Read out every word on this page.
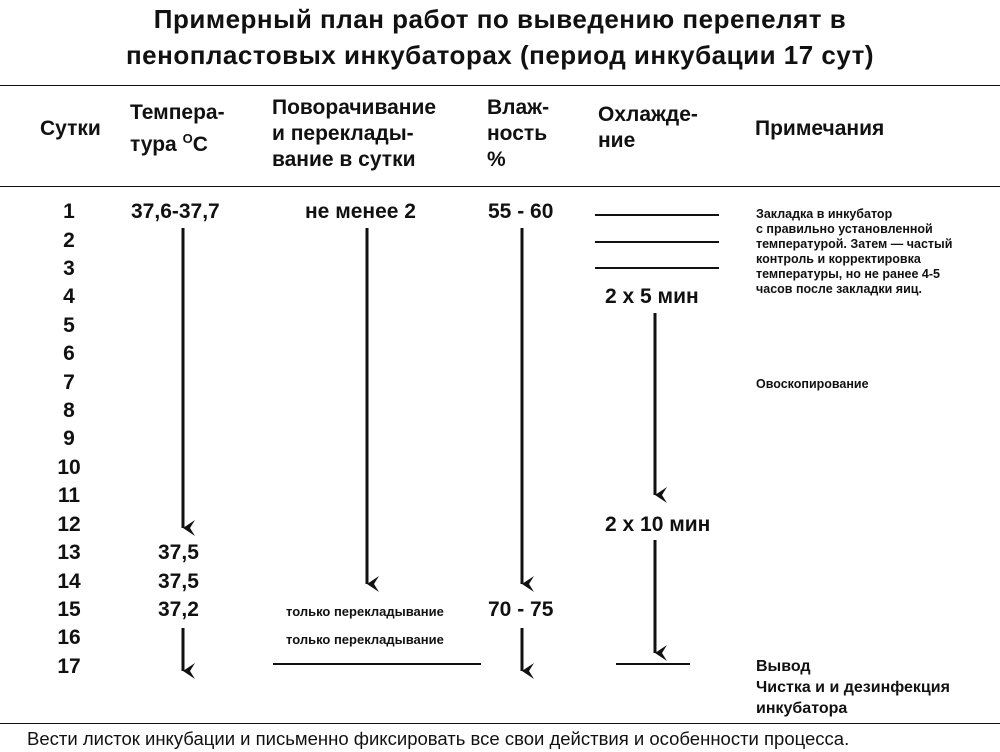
Примерный план работ по выведению перепелят в
пенопластовых инкубаторах (период инкубации 17 сут)
Сутки
Темпера-
тура $^O$C
Поворачивание
и переклады-
вание в сутки
Влаж-
ность
%
Охлажде-
ние
Примечания
1
2
3
4
5
6
7
8
9
10
11
12
13
14
15
16
17
37,6-37,7
37,5
37,5
37,2
не менее 2
только перекладывание
только перекладывание
55 - 60
70 - 75
2 х 5 мин
2 х 10 мин
Закладка в инкубатор
с правильно установленной
температурой. Затем — частый
контроль и корректировка
температуры, но не ранее 4-5
часов после закладки яиц.
Овоскопирование
Вывод
Чистка и и дезинфекция
инкубатора
Вести листок инкубации и письменно фиксировать все свои действия и особенности процесса.
